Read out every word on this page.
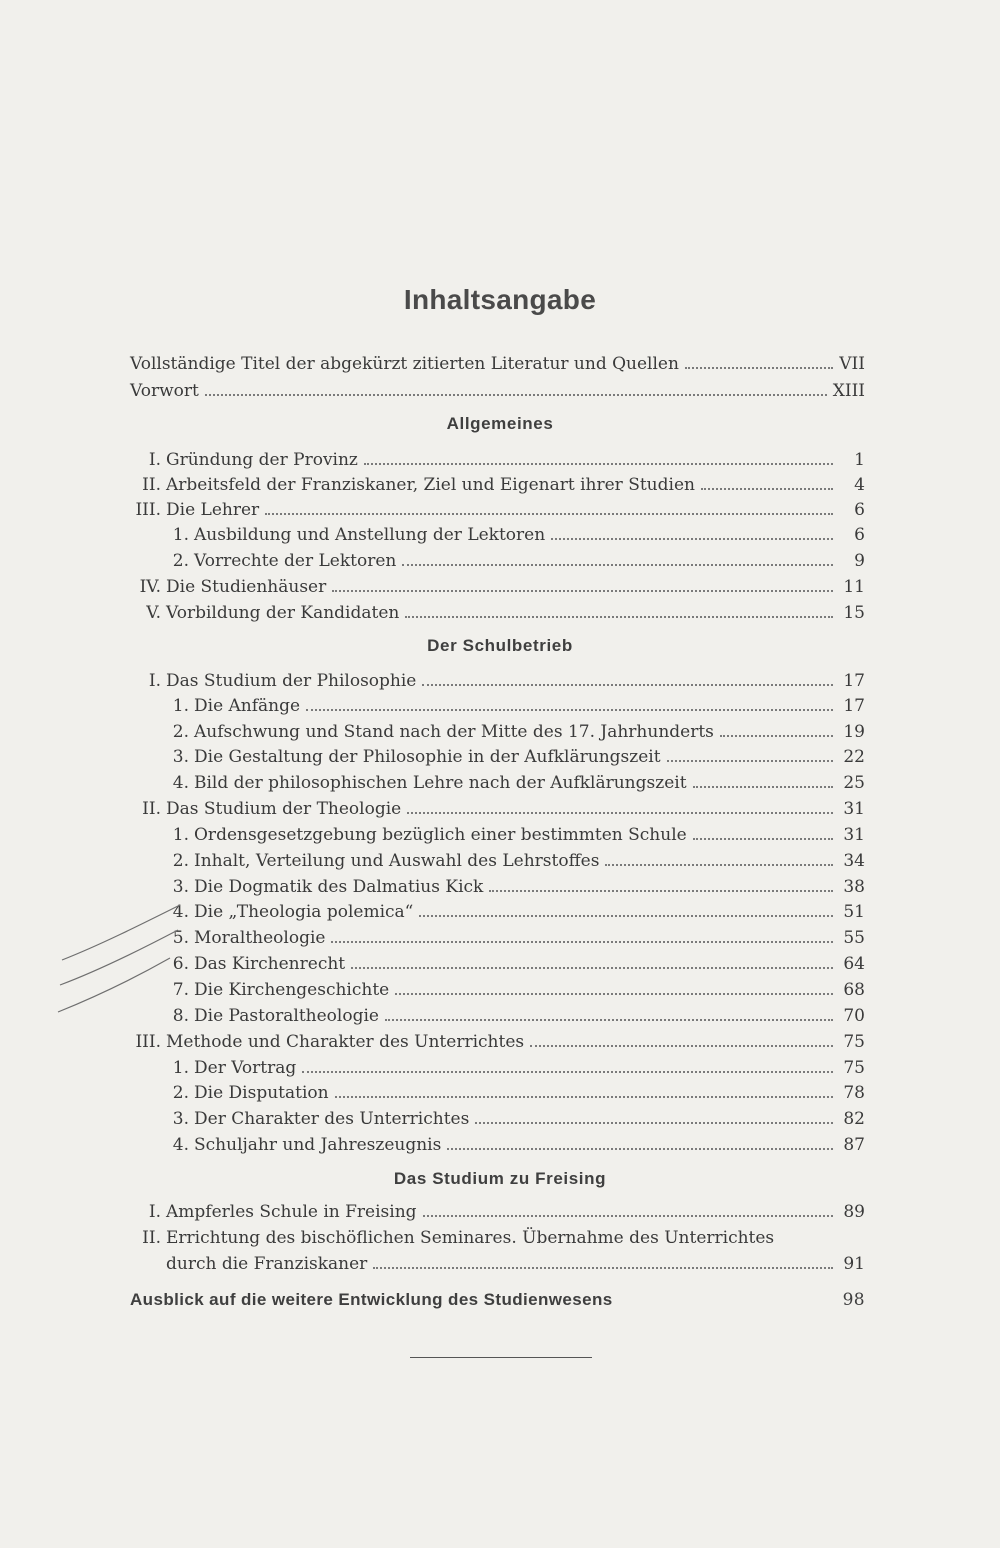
Inhaltsangabe
Vollständige Titel der abgekürzt zitierten Literatur und Quellen	VII
Vorwort	XIII
Allgemeines
I. Gründung der Provinz	1
II. Arbeitsfeld der Franziskaner, Ziel und Eigenart ihrer Studien	4
III. Die Lehrer	6
1. Ausbildung und Anstellung der Lektoren	6
2. Vorrechte der Lektoren	9
IV. Die Studienhäuser	11
V. Vorbildung der Kandidaten	15
Der Schulbetrieb
I. Das Studium der Philosophie	17
1. Die Anfänge	17
2. Aufschwung und Stand nach der Mitte des 17. Jahrhunderts	19
3. Die Gestaltung der Philosophie in der Aufklärungszeit	22
4. Bild der philosophischen Lehre nach der Aufklärungszeit	25
II. Das Studium der Theologie	31
1. Ordensgesetzgebung bezüglich einer bestimmten Schule	31
2. Inhalt, Verteilung und Auswahl des Lehrstoffes	34
3. Die Dogmatik des Dalmatius Kick	38
4. Die „Theologia polemica“	51
5. Moraltheologie	55
6. Das Kirchenrecht	64
7. Die Kirchengeschichte	68
8. Die Pastoraltheologie	70
III. Methode und Charakter des Unterrichtes	75
1. Der Vortrag	75
2. Die Disputation	78
3. Der Charakter des Unterrichtes	82
4. Schuljahr und Jahreszeugnis	87
Das Studium zu Freising
I. Ampferles Schule in Freising	89
II. Errichtung des bischöflichen Seminares. Übernahme des Unterrichtes
durch die Franziskaner	91
Ausblick auf die weitere Entwicklung des Studienwesens	98
